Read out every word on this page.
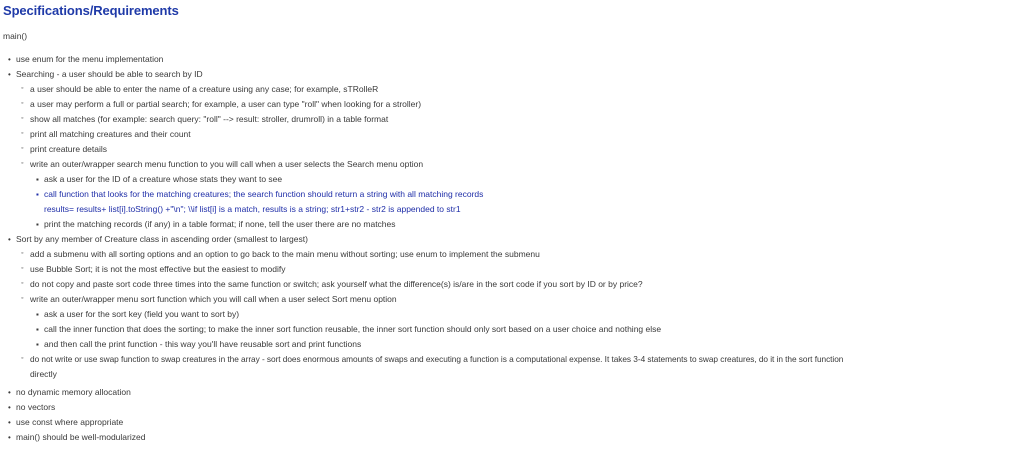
Specifications/Requirements
main()
• use enum for the menu implementation
• Searching - a user should be able to search by ID
◦ a user should be able to enter the name of a creature using any case; for example, sTRolleR
◦ a user may perform a full or partial search; for example, a user can type "roll" when looking for a stroller)
◦ show all matches (for example: search query: "roll" --> result: stroller, drumroll) in a table format
◦ print all matching creatures and their count
◦ print creature details
◦ write an outer/wrapper search menu function to you will call when a user selects the Search menu option
▪ ask a user for the ID of a creature whose stats they want to see
▪ call function that looks for the matching creatures; the search function should return a string with all matching records
results= results+ list[i].toString() +"\n"; \\if list[i] is a match, results is a string; str1+str2 - str2 is appended to str1
▪ print the matching records (if any) in a table format; if none, tell the user there are no matches
• Sort by any member of Creature class in ascending order (smallest to largest)
◦ add a submenu with all sorting options and an option to go back to the main menu without sorting; use enum to implement the submenu
◦ use Bubble Sort; it is not the most effective but the easiest to modify
◦ do not copy and paste sort code three times into the same function or switch; ask yourself what the difference(s) is/are in the sort code if you sort by ID or by price?
◦ write an outer/wrapper menu sort function which you will call when a user select Sort menu option
▪ ask a user for the sort key (field you want to sort by)
▪ call the inner function that does the sorting; to make the inner sort function reusable, the inner sort function should only sort based on a user choice and nothing else
▪ and then call the print function - this way you'll have reusable sort and print functions
◦ do not write or use swap function to swap creatures in the array - sort does enormous amounts of swaps and executing a function is a computational expense. It takes 3-4 statements to swap creatures, do it in the sort function
directly
• no dynamic memory allocation
• no vectors
• use const where appropriate
• main() should be well-modularized
